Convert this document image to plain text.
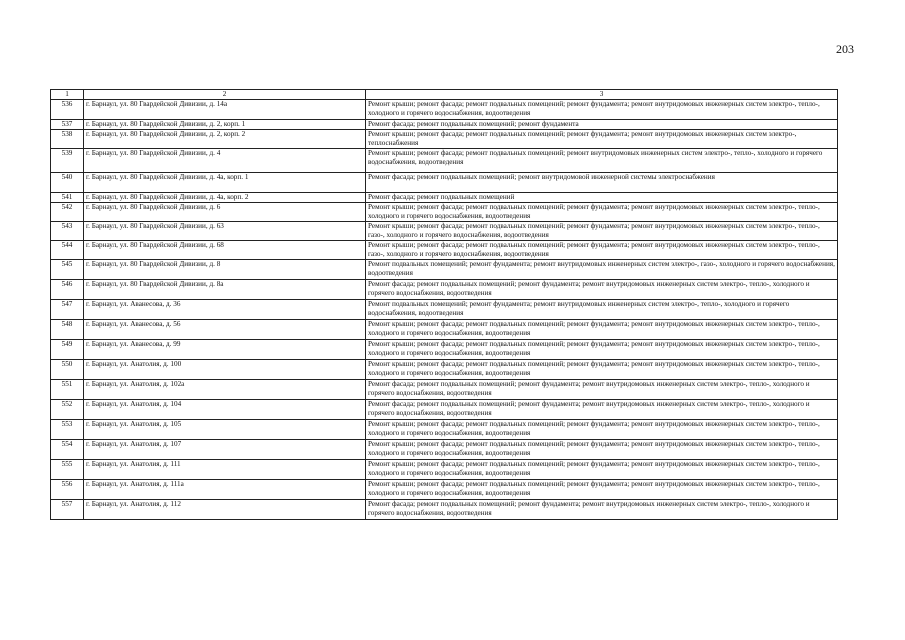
203
1	2	3
536	г. Барнаул, ул. 80 Гвардейской Дивизии, д. 14а	Ремонт крыши; ремонт фасада; ремонт подвальных помещений; ремонт фундамента; ремонт внутридомовых инженерных систем электро-, тепло-, холодного и горячего водоснабжения, водоотведения
537	г. Барнаул, ул. 80 Гвардейской Дивизии, д. 2, корп. 1	Ремонт фасада; ремонт подвальных помещений; ремонт фундамента
538	г. Барнаул, ул. 80 Гвардейской Дивизии, д. 2, корп. 2	Ремонт крыши; ремонт фасада; ремонт подвальных помещений; ремонт фундамента; ремонт внутридомовых инженерных систем электро-, теплоснабжения
539	г. Барнаул, ул. 80 Гвардейской Дивизии, д. 4	Ремонт крыши; ремонт фасада; ремонт подвальных помещений; ремонт внутридомовых инженерных систем электро-, тепло-, холодного и горячего водоснабжения, водоотведения
540	г. Барнаул, ул. 80 Гвардейской Дивизии, д. 4а, корп. 1	Ремонт фасада; ремонт подвальных помещений; ремонт внутридомовой инженерной системы электроснабжения
541	г. Барнаул, ул. 80 Гвардейской Дивизии, д. 4а, корп. 2	Ремонт фасада; ремонт подвальных помещений
542	г. Барнаул, ул. 80 Гвардейской Дивизии, д. 6	Ремонт крыши; ремонт фасада; ремонт подвальных помещений; ремонт фундамента; ремонт внутридомовых инженерных систем электро-, тепло-, холодного и горячего водоснабжения, водоотведения
543	г. Барнаул, ул. 80 Гвардейской Дивизии, д. 63	Ремонт крыши; ремонт фасада; ремонт подвальных помещений; ремонт фундамента; ремонт внутридомовых инженерных систем электро-, тепло-, газо-, холодного и горячего водоснабжения, водоотведения
544	г. Барнаул, ул. 80 Гвардейской Дивизии, д. 68	Ремонт крыши; ремонт фасада; ремонт подвальных помещений; ремонт фундамента; ремонт внутридомовых инженерных систем электро-, тепло-, газо-, холодного и горячего водоснабжения, водоотведения
545	г. Барнаул, ул. 80 Гвардейской Дивизии, д. 8	Ремонт подвальных помещений; ремонт фундамента; ремонт внутридомовых инженерных систем электро-, газо-, холодного и горячего водоснабжения, водоотведения
546	г. Барнаул, ул. 80 Гвардейской Дивизии, д. 8а	Ремонт фасада; ремонт подвальных помещений; ремонт фундамента; ремонт внутридомовых инженерных систем электро-, тепло-, холодного и горячего водоснабжения, водоотведения
547	г. Барнаул, ул. Аванесова, д. 36	Ремонт подвальных помещений; ремонт фундамента; ремонт внутридомовых инженерных систем электро-, тепло-, холодного и горячего водоснабжения, водоотведения
548	г. Барнаул, ул. Аванесова, д. 56	Ремонт крыши; ремонт фасада; ремонт подвальных помещений; ремонт фундамента; ремонт внутридомовых инженерных систем электро-, тепло-, холодного и горячего водоснабжения, водоотведения
549	г. Барнаул, ул. Аванесова, д. 99	Ремонт крыши; ремонт фасада; ремонт подвальных помещений; ремонт фундамента; ремонт внутридомовых инженерных систем электро-, тепло-, холодного и горячего водоснабжения, водоотведения
550	г. Барнаул, ул. Анатолия, д. 100	Ремонт крыши; ремонт фасада; ремонт подвальных помещений; ремонт фундамента; ремонт внутридомовых инженерных систем электро-, тепло-, холодного и горячего водоснабжения, водоотведения
551	г. Барнаул, ул. Анатолия, д. 102а	Ремонт фасада; ремонт подвальных помещений; ремонт фундамента; ремонт внутридомовых инженерных систем электро-, тепло-, холодного и горячего водоснабжения, водоотведения
552	г. Барнаул, ул. Анатолия, д. 104	Ремонт фасада; ремонт подвальных помещений; ремонт фундамента; ремонт внутридомовых инженерных систем электро-, тепло-, холодного и горячего водоснабжения, водоотведения
553	г. Барнаул, ул. Анатолия, д. 105	Ремонт крыши; ремонт фасада; ремонт подвальных помещений; ремонт фундамента; ремонт внутридомовых инженерных систем электро-, тепло-, холодного и горячего водоснабжения, водоотведения
554	г. Барнаул, ул. Анатолия, д. 107	Ремонт крыши; ремонт фасада; ремонт подвальных помещений; ремонт фундамента; ремонт внутридомовых инженерных систем электро-, тепло-, холодного и горячего водоснабжения, водоотведения
555	г. Барнаул, ул. Анатолия, д. 111	Ремонт крыши; ремонт фасада; ремонт подвальных помещений; ремонт фундамента; ремонт внутридомовых инженерных систем электро-, тепло-, холодного и горячего водоснабжения, водоотведения
556	г. Барнаул, ул. Анатолия, д. 111а	Ремонт крыши; ремонт фасада; ремонт подвальных помещений; ремонт фундамента; ремонт внутридомовых инженерных систем электро-, тепло-, холодного и горячего водоснабжения, водоотведения
557	г. Барнаул, ул. Анатолия, д. 112	Ремонт фасада; ремонт подвальных помещений; ремонт фундамента; ремонт внутридомовых инженерных систем электро-, тепло-, холодного и горячего водоснабжения, водоотведения
